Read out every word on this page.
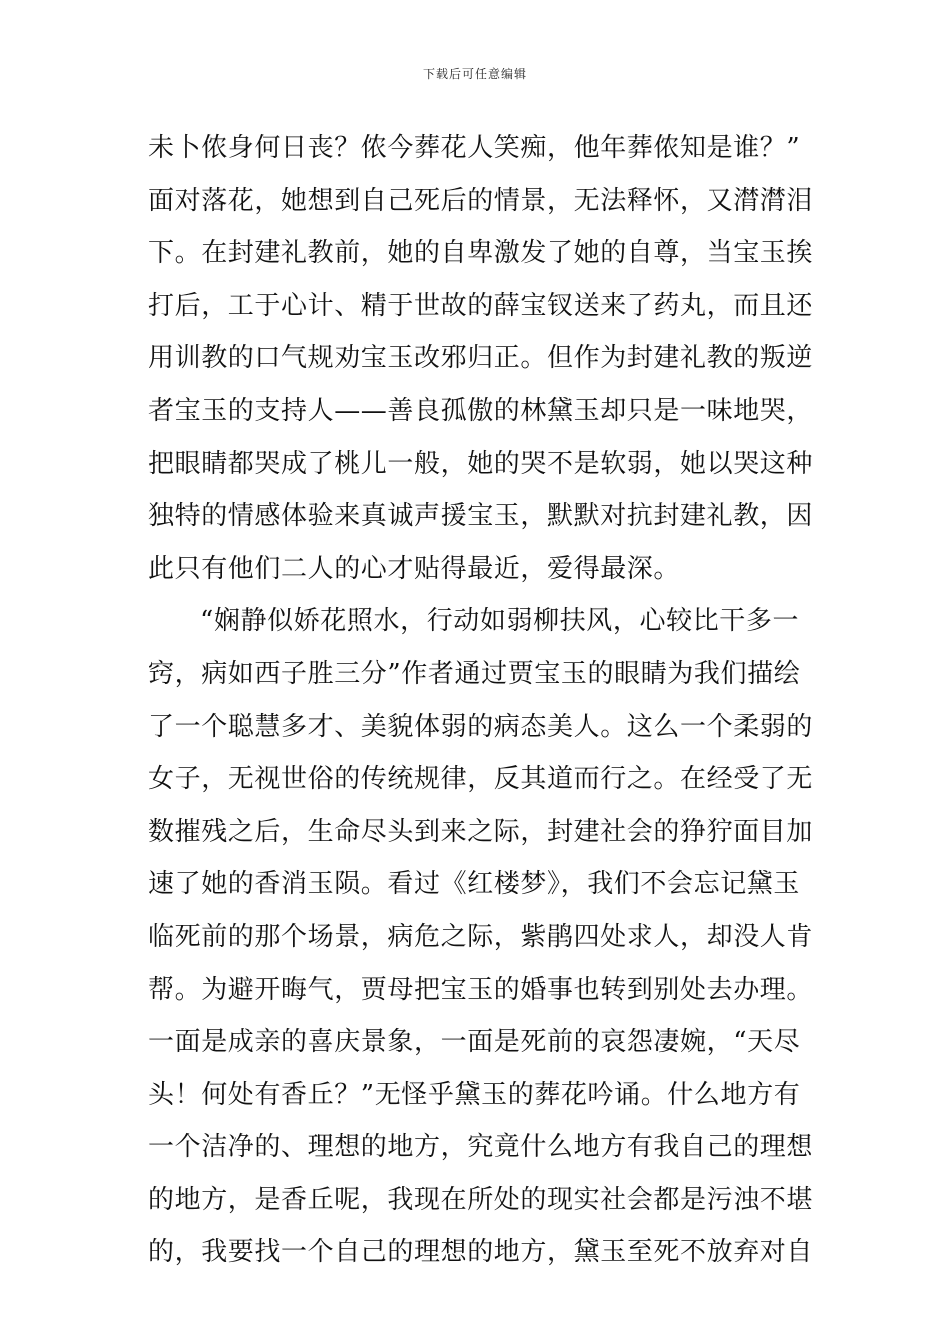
下载后可任意编辑
未卜侬身何日丧？侬今葬花人笑痴，他年葬侬知是谁？”
面对落花，她想到自己死后的情景，无法释怀，又潸潸泪
下。在封建礼教前，她的自卑激发了她的自尊，当宝玉挨
打后，工于心计、精于世故的薛宝钗送来了药丸，而且还
用训教的口气规劝宝玉改邪归正。但作为封建礼教的叛逆
者宝玉的支持人——善良孤傲的林黛玉却只是一味地哭，
把眼睛都哭成了桃儿一般，她的哭不是软弱，她以哭这种
独特的情感体验来真诚声援宝玉，默默对抗封建礼教，因
此只有他们二人的心才贴得最近，爱得最深。
“娴静似娇花照水，行动如弱柳扶风，心较比干多一
窍，病如西子胜三分”作者通过贾宝玉的眼睛为我们描绘
了一个聪慧多才、美貌体弱的病态美人。这么一个柔弱的
女子，无视世俗的传统规律，反其道而行之。在经受了无
数摧残之后，生命尽头到来之际，封建社会的狰狞面目加
速了她的香消玉陨。看过《红楼梦》，我们不会忘记黛玉
临死前的那个场景，病危之际，紫鹃四处求人，却没人肯
帮。为避开晦气，贾母把宝玉的婚事也转到别处去办理。
一面是成亲的喜庆景象，一面是死前的哀怨凄婉，“天尽
头！何处有香丘？”无怪乎黛玉的葬花吟诵。什么地方有
一个洁净的、理想的地方，究竟什么地方有我自己的理想
的地方，是香丘呢，我现在所处的现实社会都是污浊不堪
的，我要找一个自己的理想的地方，黛玉至死不放弃对自
